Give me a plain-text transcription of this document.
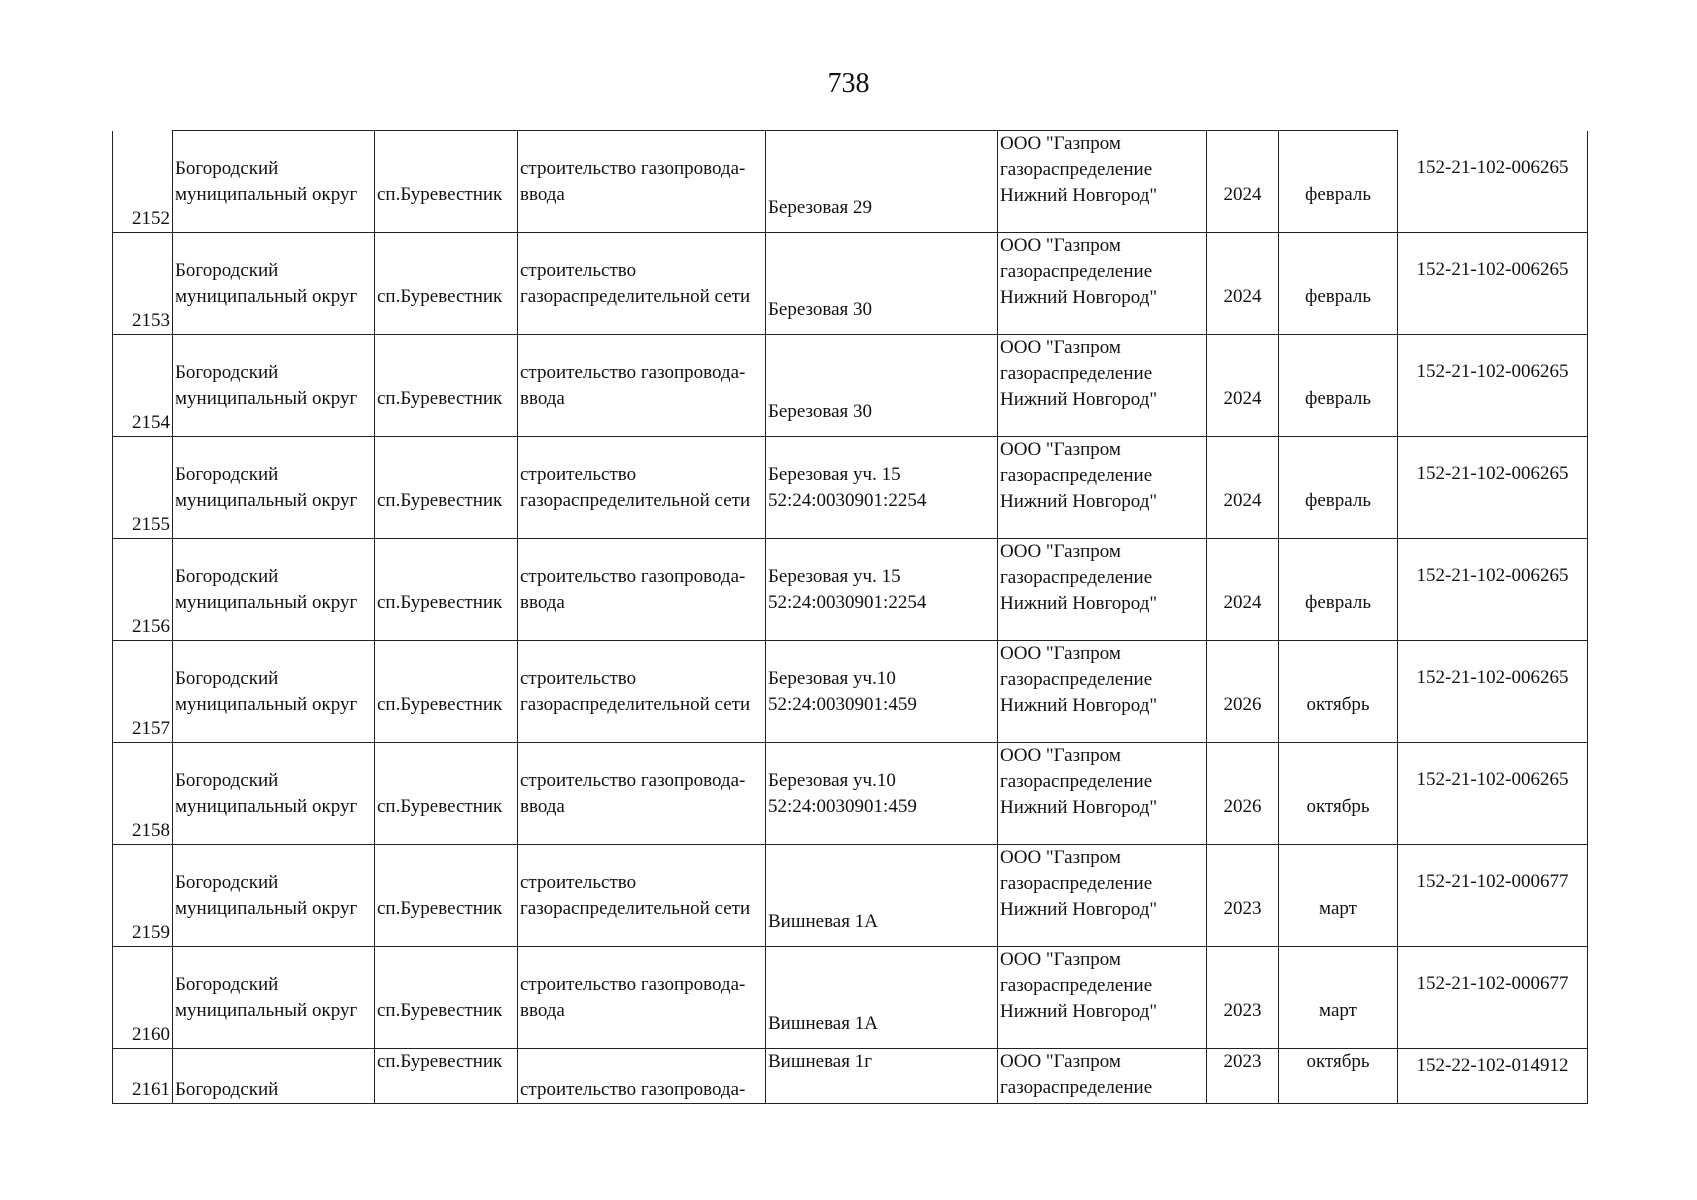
738
2152	Богородский
муниципальный округ	сп.Буревестник	строительство газопровода-
ввода	Березовая 29	ООО "Газпром
газораспределение
Нижний Новгород"	2024	февраль	152-21-102-006265
2153	Богородский
муниципальный округ	сп.Буревестник	строительство
газораспределительной сети	Березовая 30	ООО "Газпром
газораспределение
Нижний Новгород"	2024	февраль	152-21-102-006265
2154	Богородский
муниципальный округ	сп.Буревестник	строительство газопровода-
ввода	Березовая 30	ООО "Газпром
газораспределение
Нижний Новгород"	2024	февраль	152-21-102-006265
2155	Богородский
муниципальный округ	сп.Буревестник	строительство
газораспределительной сети	Березовая уч. 15
52:24:0030901:2254	ООО "Газпром
газораспределение
Нижний Новгород"	2024	февраль	152-21-102-006265
2156	Богородский
муниципальный округ	сп.Буревестник	строительство газопровода-
ввода	Березовая уч. 15
52:24:0030901:2254	ООО "Газпром
газораспределение
Нижний Новгород"	2024	февраль	152-21-102-006265
2157	Богородский
муниципальный округ	сп.Буревестник	строительство
газораспределительной сети	Березовая уч.10
52:24:0030901:459	ООО "Газпром
газораспределение
Нижний Новгород"	2026	октябрь	152-21-102-006265
2158	Богородский
муниципальный округ	сп.Буревестник	строительство газопровода-
ввода	Березовая уч.10
52:24:0030901:459	ООО "Газпром
газораспределение
Нижний Новгород"	2026	октябрь	152-21-102-006265
2159	Богородский
муниципальный округ	сп.Буревестник	строительство
газораспределительной сети	Вишневая 1А	ООО "Газпром
газораспределение
Нижний Новгород"	2023	март	152-21-102-000677
2160	Богородский
муниципальный округ	сп.Буревестник	строительство газопровода-
ввода	Вишневая 1А	ООО "Газпром
газораспределение
Нижний Новгород"	2023	март	152-21-102-000677
2161	Богородский	сп.Буревестник	строительство газопровода-	Вишневая 1г	ООО "Газпром
газораспределение	2023	октябрь	152-22-102-014912
